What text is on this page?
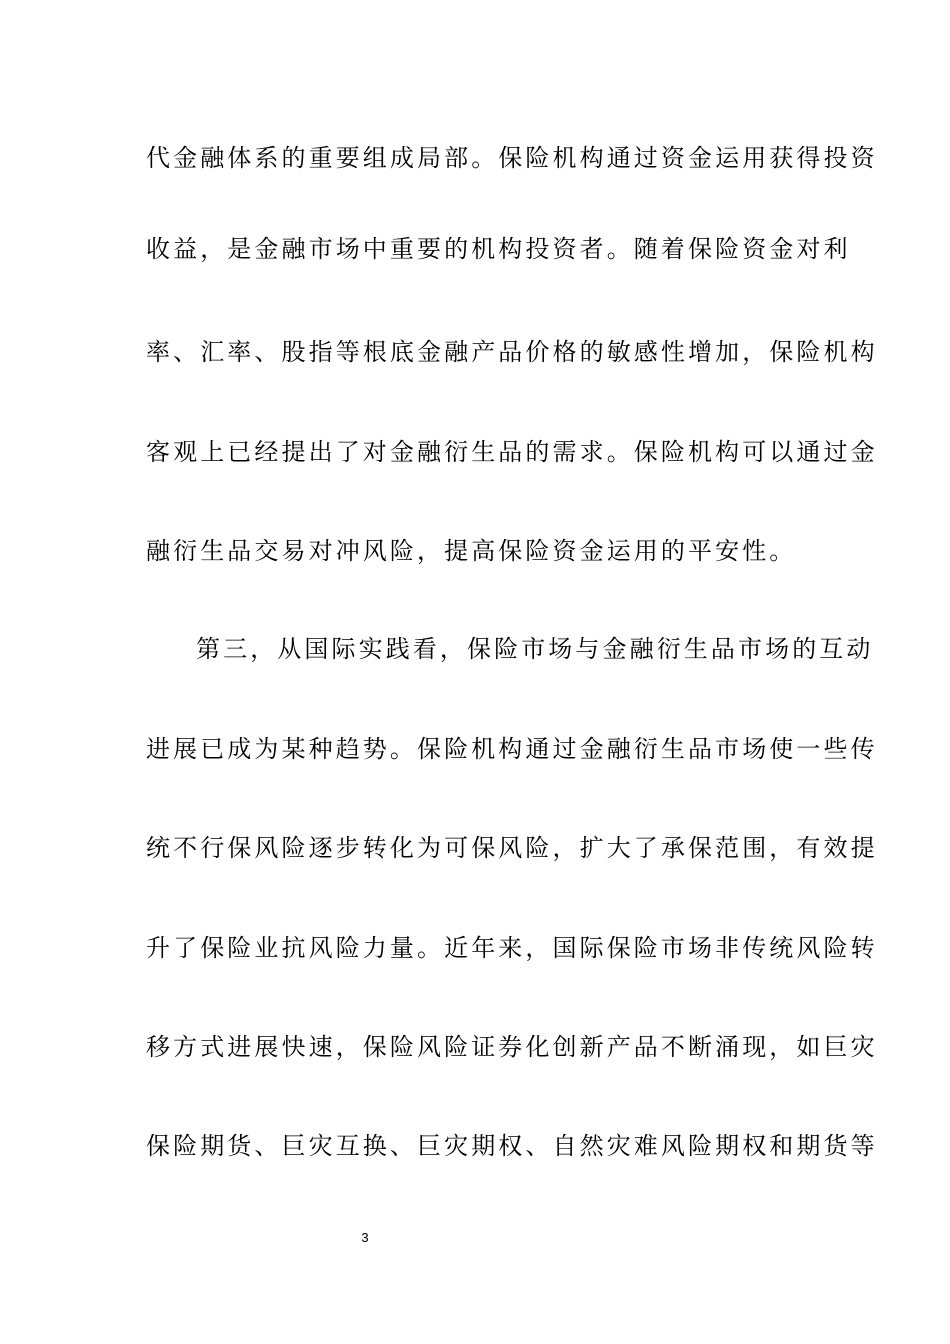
代金融体系的重要组成局部。保险机构通过资金运用获得投资
收益，是金融市场中重要的机构投资者。随着保险资金对利
率、汇率、股指等根底金融产品价格的敏感性增加，保险机构
客观上已经提出了对金融衍生品的需求。保险机构可以通过金
融衍生品交易对冲风险，提高保险资金运用的平安性。
第三，从国际实践看，保险市场与金融衍生品市场的互动
进展已成为某种趋势。保险机构通过金融衍生品市场使一些传
统不行保风险逐步转化为可保风险，扩大了承保范围，有效提
升了保险业抗风险力量。近年来，国际保险市场非传统风险转
移方式进展快速，保险风险证券化创新产品不断涌现，如巨灾
保险期货、巨灾互换、巨灾期权、自然灾难风险期权和期货等
3
